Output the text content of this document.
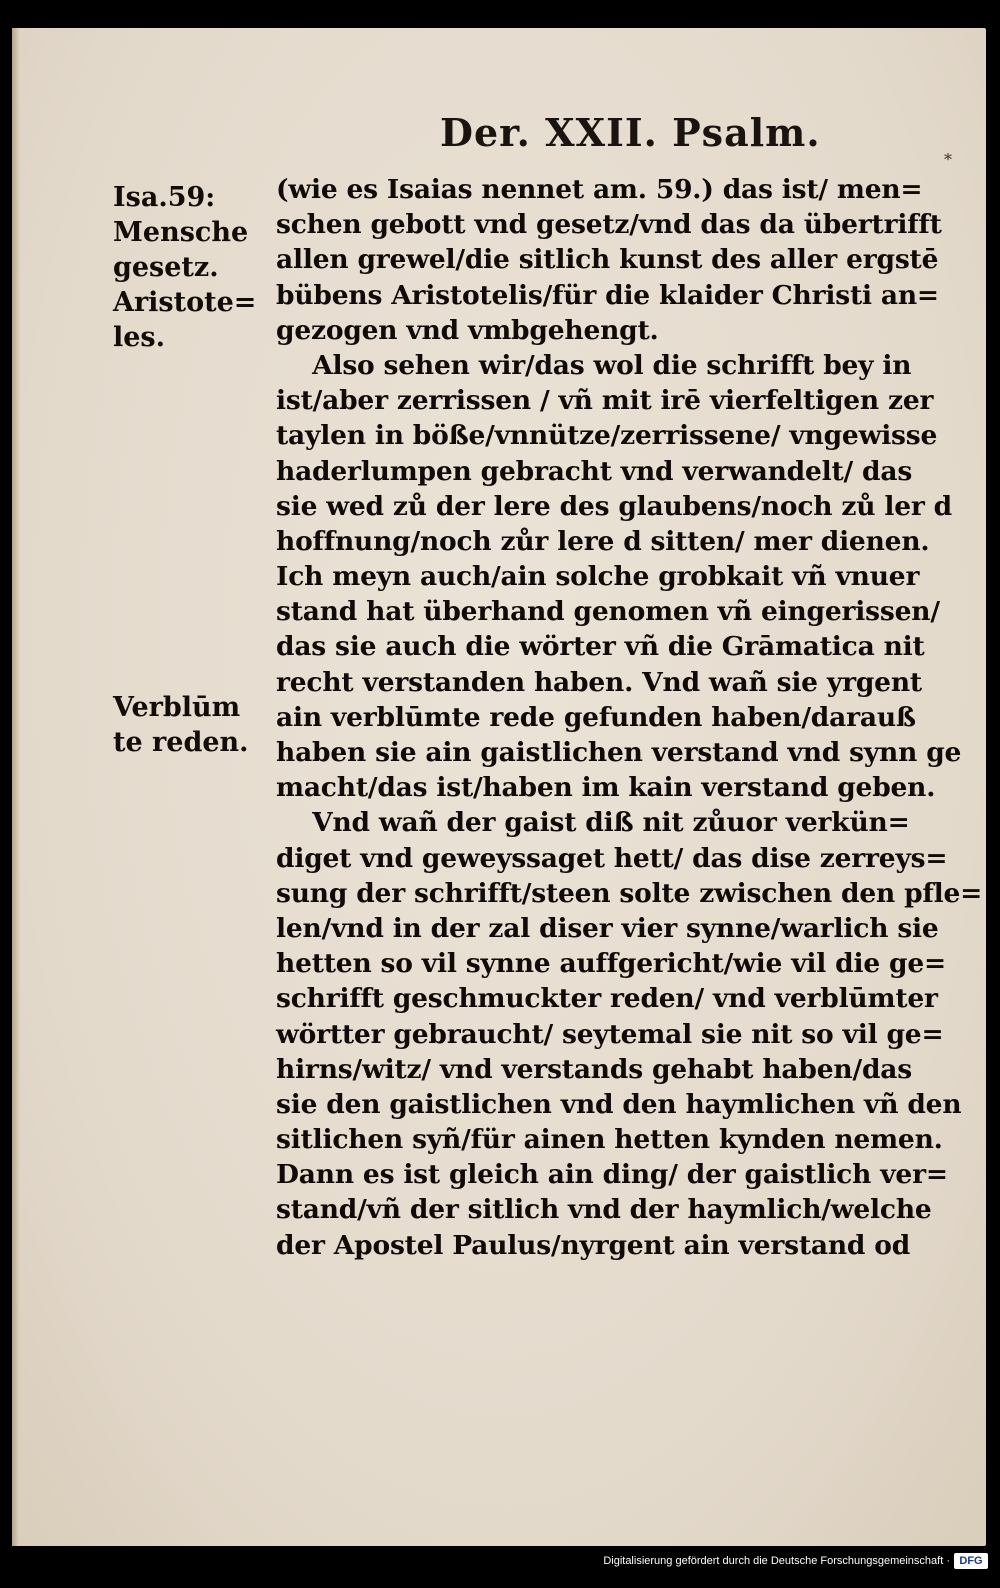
Der. XXII. Psalm.
*
Isa.59:
Mensche
gesetz.
Aristote=
les.
Verblūm
te reden.
(wie es Isaias nennet am. 59.) das ist/ men=
schen gebott vnd gesetz/vnd das da übertrifft
allen grewel/die sitlich kunst des aller ergstē
bübens Aristotelis/für die klaider Christi an=
gezogen vnd vmbgehengt.
Also sehen wir/das wol die schrifft bey in
ist/aber zerrissen / vñ mit irē vierfeltigen zer
taylen in böße/vnnütze/zerrissene/ vngewisse
haderlumpen gebracht vnd verwandelt/ das
sie wed zů der lere des glaubens/noch zů ler d
hoffnung/noch zůr lere d sitten/ mer dienen.
Ich meyn auch/ain solche grobkait vñ vnuer
stand hat überhand genomen vñ eingerissen/
das sie auch die wörter vñ die Grāmatica nit
recht verstanden haben. Vnd wañ sie yrgent
ain verblūmte rede gefunden haben/darauß
haben sie ain gaistlichen verstand vnd synn ge
macht/das ist/haben im kain verstand geben.
Vnd wañ der gaist diß nit zůuor verkün=
diget vnd geweyssaget hett/ das dise zerreys=
sung der schrifft/steen solte zwischen den pfle=
len/vnd in der zal diser vier synne/warlich sie
hetten so vil synne auffgericht/wie vil die ge=
schrifft geschmuckter reden/ vnd verblūmter
wörtter gebraucht/ seytemal sie nit so vil ge=
hirns/witz/ vnd verstands gehabt haben/das
sie den gaistlichen vnd den haymlichen vñ den
sitlichen syñ/für ainen hetten kynden nemen.
Dann es ist gleich ain ding/ der gaistlich ver=
stand/vñ der sitlich vnd der haymlich/welche
der Apostel Paulus/nyrgent ain verstand od
Digitalisierung gefördert durch die Deutsche Forschungsgemeinschaft · DFG
